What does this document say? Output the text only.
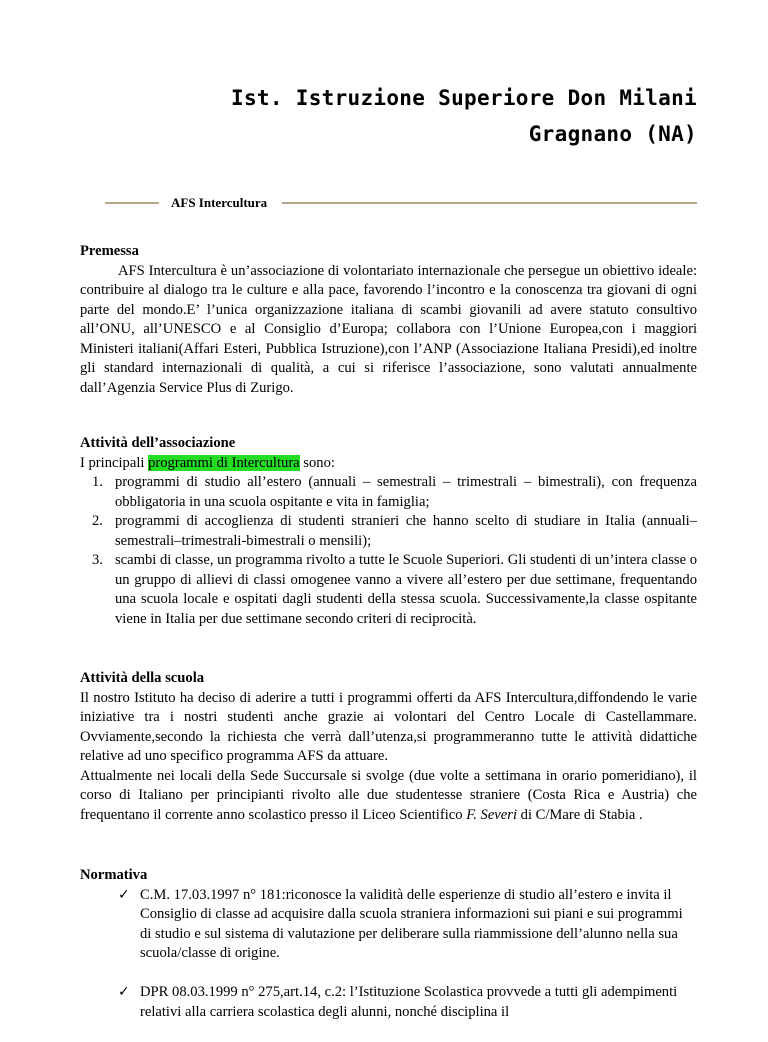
Ist. Istruzione Superiore Don Milani
Gragnano (NA)
AFS Intercultura
Premessa

AFS Intercultura è un’associazione di volontariato internazionale che persegue un obiettivo ideale: contribuire al dialogo tra le culture e alla pace, favorendo l’incontro e la conoscenza tra giovani di ogni parte del mondo.E’ l’unica organizzazione italiana di scambi giovanili ad avere statuto consultivo all’ONU, all’UNESCO e al Consiglio d’Europa; collabora con l’Unione Europea,con i maggiori Ministeri italiani(Affari Esteri, Pubblica Istruzione),con l’ANP (Associazione Italiana Presidi),ed inoltre gli standard internazionali di qualità, a cui si riferisce l’associazione, sono valutati annualmente dall’Agenzia Service Plus di Zurigo.

Attività dell’associazione

I principali programmi di Intercultura sono:

1. programmi di studio all’estero (annuali – semestrali – trimestrali – bimestrali), con frequenza obbligatoria in una scuola ospitante e vita in famiglia;
2. programmi di accoglienza di studenti stranieri che hanno scelto di studiare in Italia (annuali–semestrali–trimestrali-bimestrali o mensili);
3. scambi di classe, un programma rivolto a tutte le Scuole Superiori. Gli studenti di un’intera classe o un gruppo di allievi di classi omogenee vanno a vivere all’estero per due settimane, frequentando una scuola locale e ospitati dagli studenti della stessa scuola. Successivamente,la classe ospitante viene in Italia per due settimane secondo criteri di reciprocità.
Attività della scuola

Il nostro Istituto ha deciso di aderire a tutti i programmi offerti da AFS Intercultura,diffondendo le varie iniziative tra i nostri studenti anche grazie ai volontari del Centro Locale di Castellammare. Ovviamente,secondo la richiesta che verrà dall’utenza,si programmeranno tutte le attività didattiche relative ad uno specifico programma AFS da attuare.

Attualmente nei locali della Sede Succursale si svolge (due volte a settimana in orario pomeridiano), il corso di Italiano per principianti rivolto alle due studentesse straniere (Costa Rica e Austria) che frequentano il corrente anno scolastico presso il Liceo Scientifico F. Severi di C/Mare di Stabia .

Normativa
✓ C.M. 17.03.1997 n° 181:riconosce la validità delle esperienze di studio all’estero e invita il Consiglio di classe ad acquisire dalla scuola straniera informazioni sui piani e sui programmi di studio e sul sistema di valutazione per deliberare sulla riammissione dell’alunno nella sua scuola/classe di origine.
✓ DPR 08.03.1999 n° 275,art.14, c.2: l’Istituzione Scolastica provvede a tutti gli adempimenti relativi alla carriera scolastica degli alunni, nonché disciplina il
